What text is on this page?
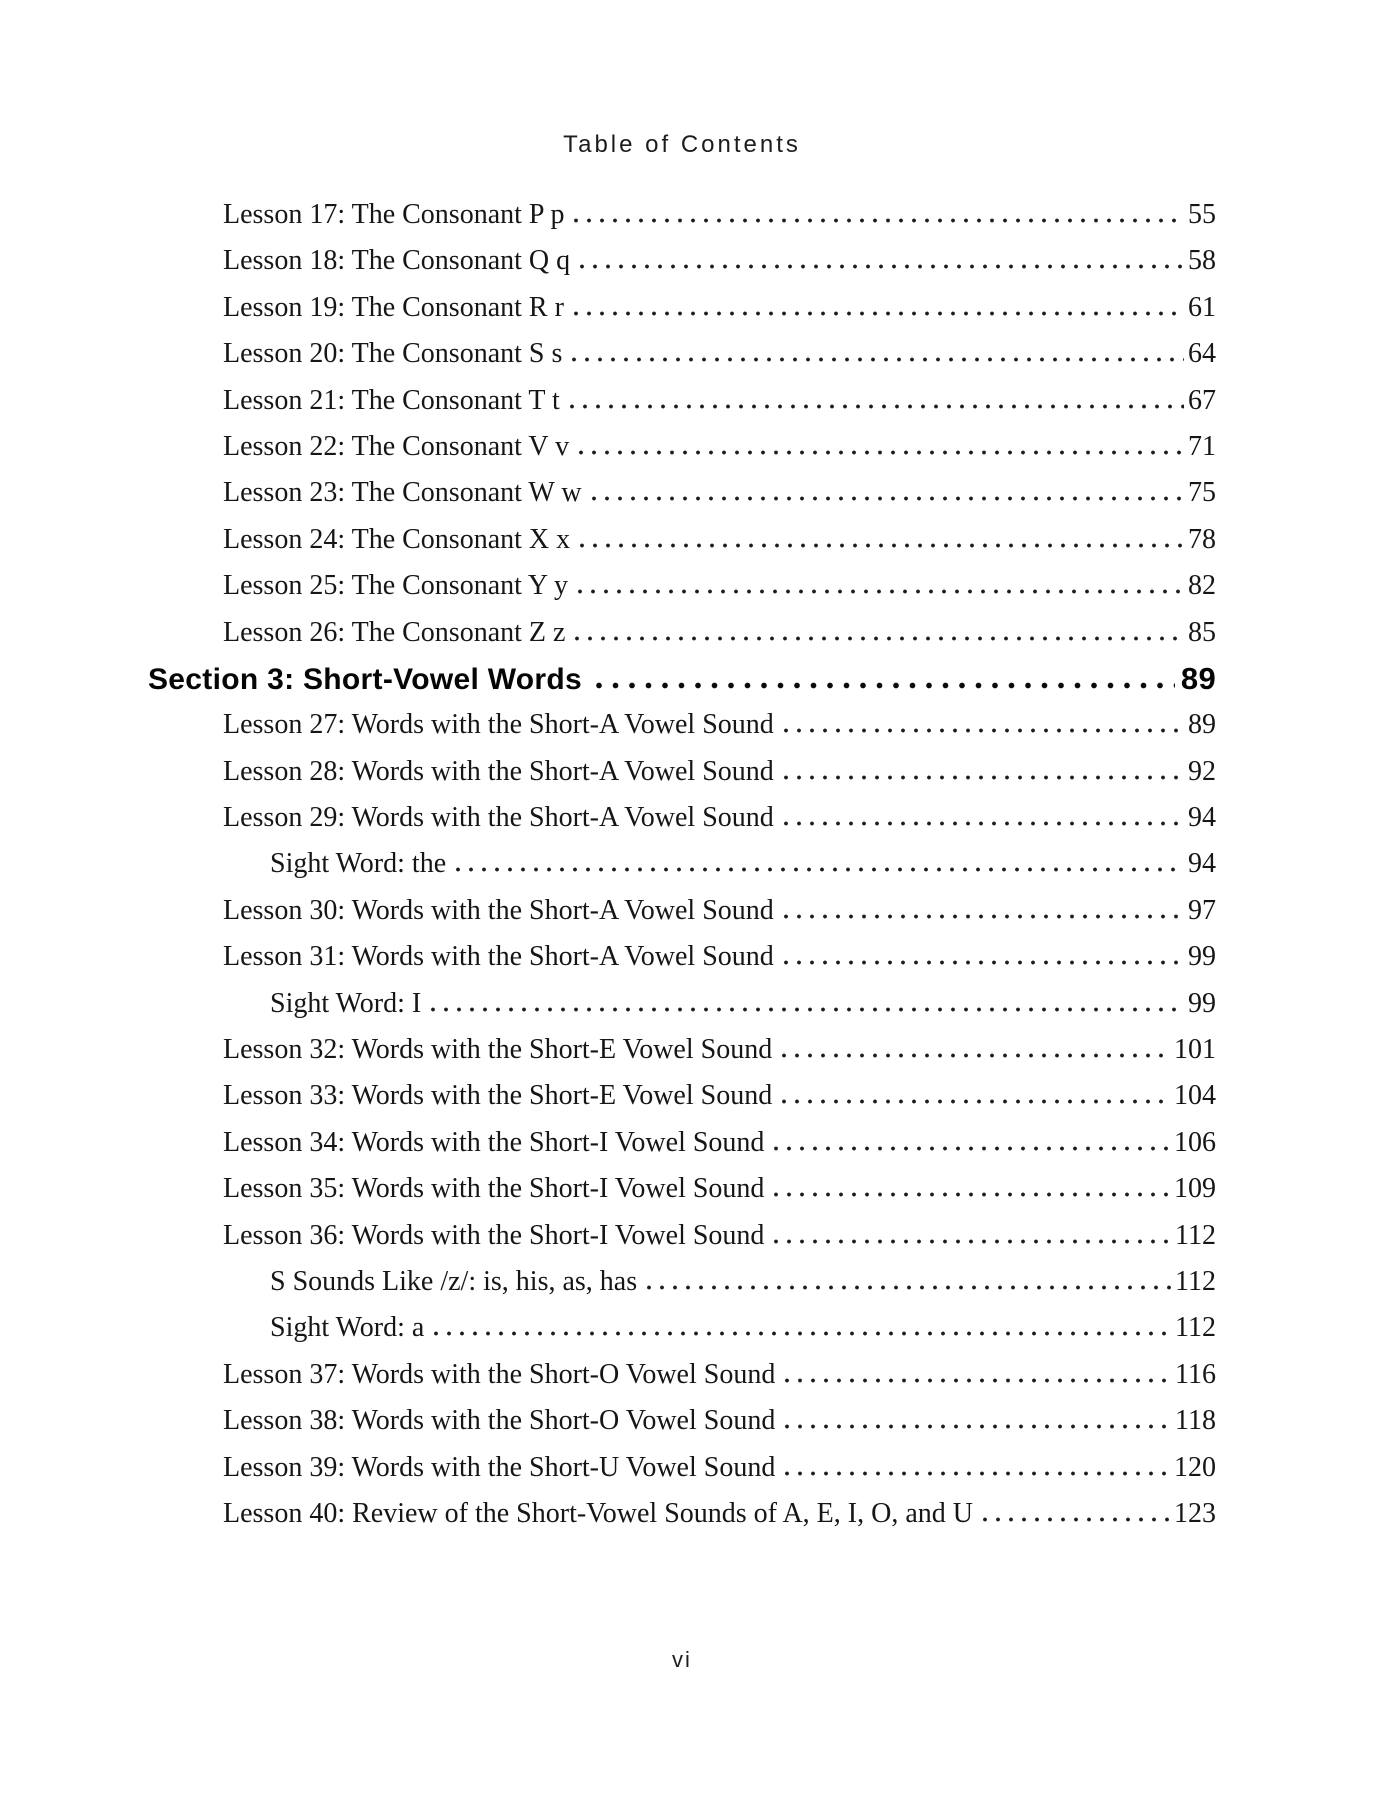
Table of Contents
Lesson 17: The Consonant P p	55
Lesson 18: The Consonant Q q	58
Lesson 19: The Consonant R r	61
Lesson 20: The Consonant S s	64
Lesson 21: The Consonant T t	67
Lesson 22: The Consonant V v	71
Lesson 23: The Consonant W w	75
Lesson 24: The Consonant X x	78
Lesson 25: The Consonant Y y	82
Lesson 26: The Consonant Z z	85
Section 3: Short-Vowel Words	89
Lesson 27: Words with the Short-A Vowel Sound	89
Lesson 28: Words with the Short-A Vowel Sound	92
Lesson 29: Words with the Short-A Vowel Sound	94
Sight Word: the	94
Lesson 30: Words with the Short-A Vowel Sound	97
Lesson 31: Words with the Short-A Vowel Sound	99
Sight Word: I	99
Lesson 32: Words with the Short-E Vowel Sound	101
Lesson 33: Words with the Short-E Vowel Sound	104
Lesson 34: Words with the Short-I Vowel Sound	106
Lesson 35: Words with the Short-I Vowel Sound	109
Lesson 36: Words with the Short-I Vowel Sound	112
S Sounds Like /z/: is, his, as, has	112
Sight Word: a	112
Lesson 37: Words with the Short-O Vowel Sound	116
Lesson 38: Words with the Short-O Vowel Sound	118
Lesson 39: Words with the Short-U Vowel Sound	120
Lesson 40: Review of the Short-Vowel Sounds of A, E, I, O, and U	123
vi
